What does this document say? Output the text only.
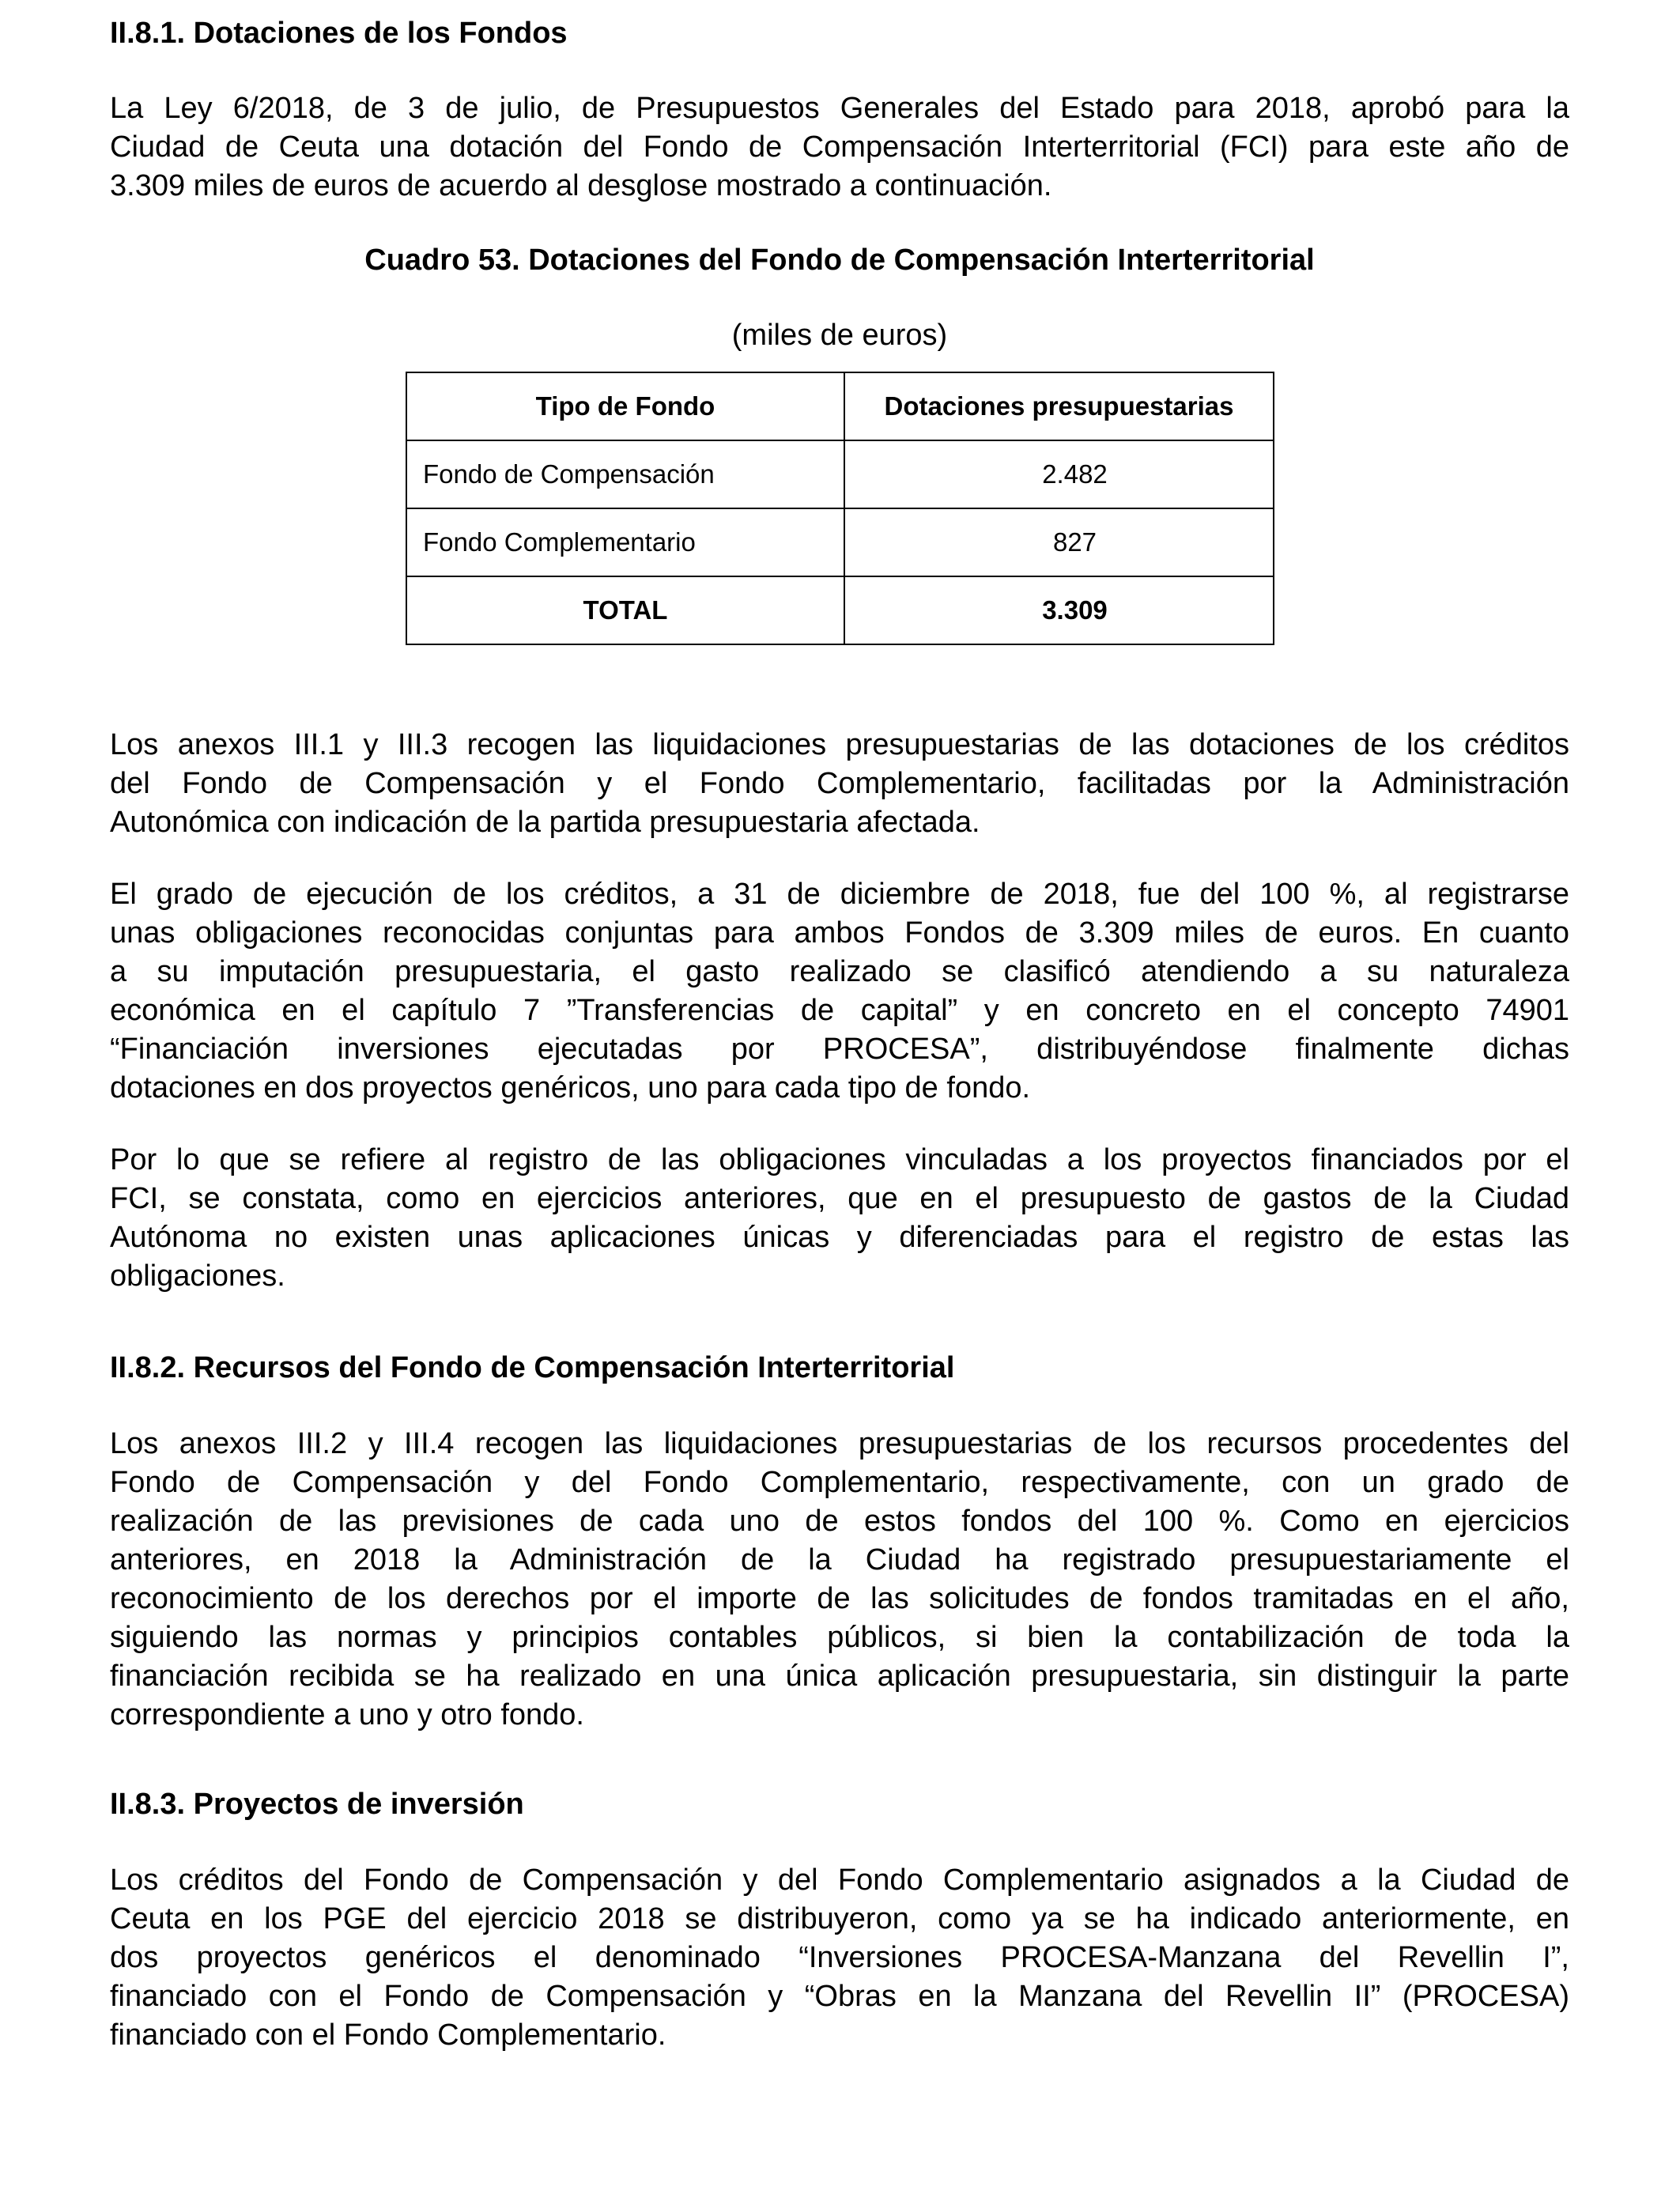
II.8.1. Dotaciones de los Fondos
La Ley 6/2018, de 3 de julio, de Presupuestos Generales del Estado para 2018, aprobó para la
Ciudad de Ceuta una dotación del Fondo de Compensación Interterritorial (FCI) para este año de
3.309 miles de euros de acuerdo al desglose mostrado a continuación.
Cuadro 53. Dotaciones del Fondo de Compensación Interterritorial
(miles de euros)
Tipo de Fondo	Dotaciones presupuestarias
Fondo de Compensación	2.482
Fondo Complementario	827
TOTAL	3.309
Los anexos III.1 y III.3 recogen las liquidaciones presupuestarias de las dotaciones de los créditos
del Fondo de Compensación y el Fondo Complementario, facilitadas por la Administración
Autonómica con indicación de la partida presupuestaria afectada.
El grado de ejecución de los créditos, a 31 de diciembre de 2018, fue del 100 %, al registrarse
unas obligaciones reconocidas conjuntas para ambos Fondos de 3.309 miles de euros. En cuanto
a su imputación presupuestaria, el gasto realizado se clasificó atendiendo a su naturaleza
económica en el capítulo 7 ”Transferencias de capital” y en concreto en el concepto 74901
“Financiación inversiones ejecutadas por PROCESA”, distribuyéndose finalmente dichas
dotaciones en dos proyectos genéricos, uno para cada tipo de fondo.
Por lo que se refiere al registro de las obligaciones vinculadas a los proyectos financiados por el
FCI, se constata, como en ejercicios anteriores, que en el presupuesto de gastos de la Ciudad
Autónoma no existen unas aplicaciones únicas y diferenciadas para el registro de estas las
obligaciones.
II.8.2. Recursos del Fondo de Compensación Interterritorial
Los anexos III.2 y III.4 recogen las liquidaciones presupuestarias de los recursos procedentes del
Fondo de Compensación y del Fondo Complementario, respectivamente, con un grado de
realización de las previsiones de cada uno de estos fondos del 100 %. Como en ejercicios
anteriores, en 2018 la Administración de la Ciudad ha registrado presupuestariamente el
reconocimiento de los derechos por el importe de las solicitudes de fondos tramitadas en el año,
siguiendo las normas y principios contables públicos, si bien la contabilización de toda la
financiación recibida se ha realizado en una única aplicación presupuestaria, sin distinguir la parte
correspondiente a uno y otro fondo.
II.8.3. Proyectos de inversión
Los créditos del Fondo de Compensación y del Fondo Complementario asignados a la Ciudad de
Ceuta en los PGE del ejercicio 2018 se distribuyeron, como ya se ha indicado anteriormente, en
dos proyectos genéricos el denominado “Inversiones PROCESA-Manzana del Revellin I”,
financiado con el Fondo de Compensación y “Obras en la Manzana del Revellin II” (PROCESA)
financiado con el Fondo Complementario.
